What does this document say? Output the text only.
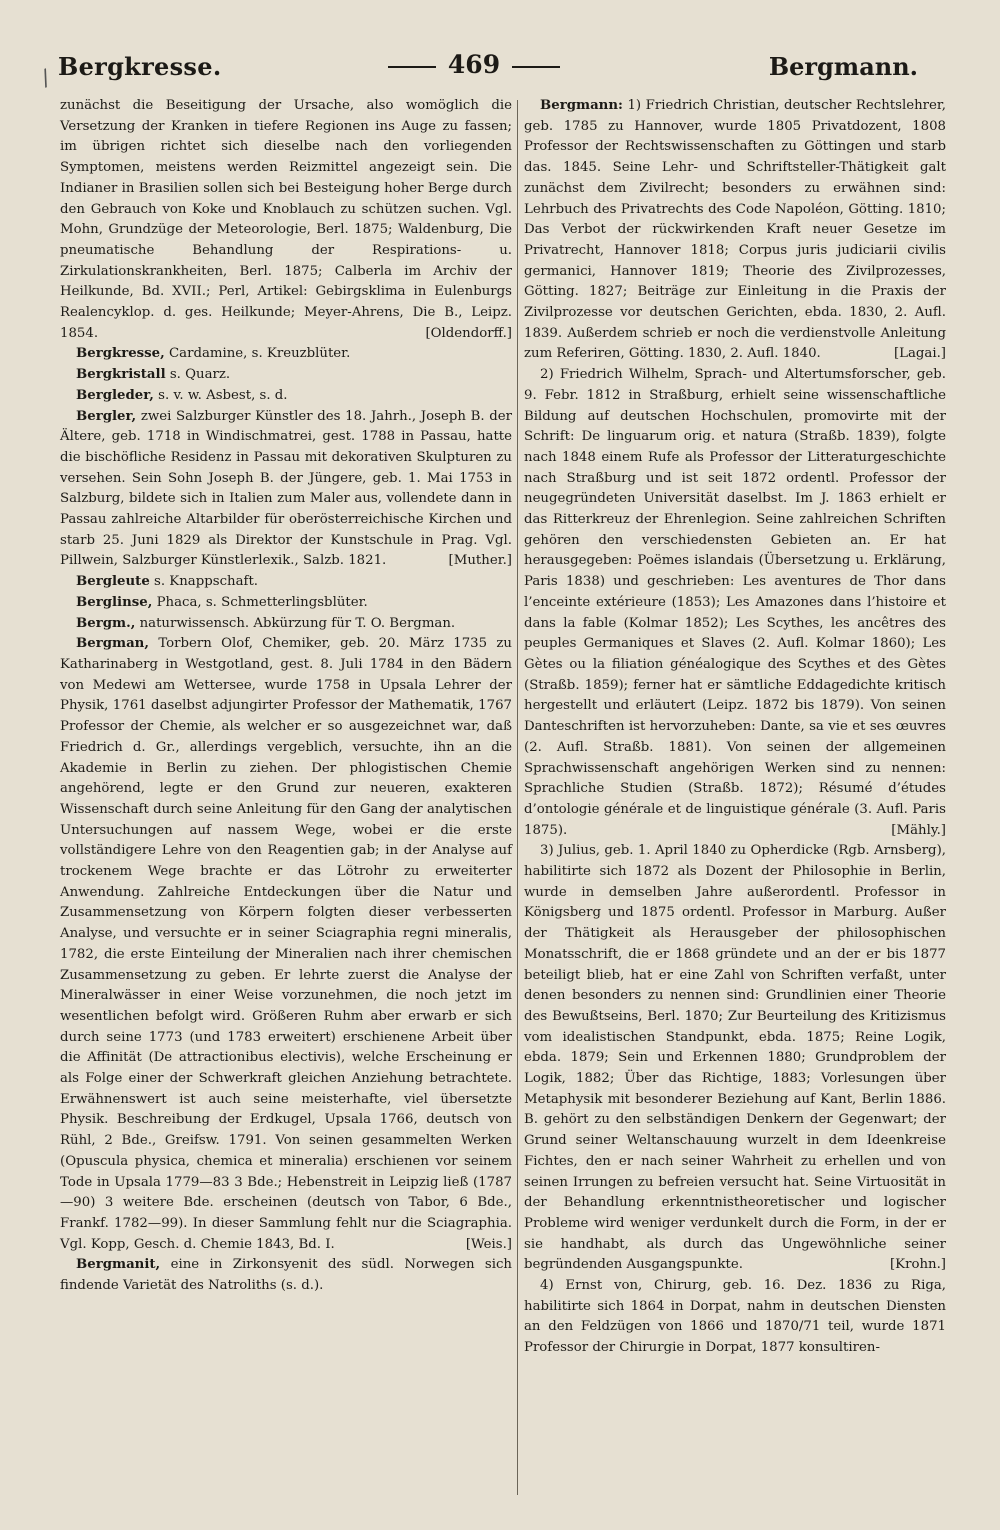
/ Bergkresse.	469	Bergmann.

zunächst die Beseitigung der Ursache, also womöglich die Versetzung der Kranken in tiefere Regionen ins Auge zu fassen; im übrigen richtet sich dieselbe nach den vorliegenden Symptomen, meistens werden Reizmittel angezeigt sein. Die Indianer in Brasilien sollen sich bei Besteigung hoher Berge durch den Gebrauch von Koke und Knoblauch zu schützen suchen. Vgl. Mohn, Grundzüge der Meteorologie, Berl. 1875; Waldenburg, Die pneumatische Behandlung der Respirations- u. Zirkulationskrankheiten, Berl. 1875; Calberla im Archiv der Heilkunde, Bd. XVII.; Perl, Artikel: Gebirgsklima in Eulenburgs Realencyklop. d. ges. Heilkunde; Meyer-Ahrens, Die B., Leipz. 1854.	[Oldendorff.]

Bergkresse, Cardamine, s. Kreuzblüter.

Bergkristall s. Quarz.

Bergleder, s. v. w. Asbest, s. d.

Bergler, zwei Salzburger Künstler des 18. Jahrh., Joseph B. der Ältere, geb. 1718 in Windischmatrei, gest. 1788 in Passau, hatte die bischöfliche Residenz in Passau mit dekorativen Skulpturen zu versehen. Sein Sohn Joseph B. der Jüngere, geb. 1. Mai 1753 in Salzburg, bildete sich in Italien zum Maler aus, vollendete dann in Passau zahlreiche Altarbilder für oberösterreichische Kirchen und starb 25. Juni 1829 als Direktor der Kunstschule in Prag. Vgl. Pillwein, Salzburger Künstlerlexik., Salzb. 1821.	[Muther.]

Bergleute s. Knappschaft.

Berglinse, Phaca, s. Schmetterlingsblüter.

Bergm., naturwissensch. Abkürzung für T. O. Bergman.

Bergman, Torbern Olof, Chemiker, geb. 20. März 1735 zu Katharinaberg in Westgotland, gest. 8. Juli 1784 in den Bädern von Medewi am Wettersee, wurde 1758 in Upsala Lehrer der Physik, 1761 daselbst adjungirter Professor der Mathematik, 1767 Professor der Chemie, als welcher er so ausgezeichnet war, daß Friedrich d. Gr., allerdings vergeblich, versuchte, ihn an die Akademie in Berlin zu ziehen. Der phlogistischen Chemie angehörend, legte er den Grund zur neueren, exakteren Wissenschaft durch seine Anleitung für den Gang der analytischen Untersuchungen auf nassem Wege, wobei er die erste vollständigere Lehre von den Reagentien gab; in der Analyse auf trockenem Wege brachte er das Lötrohr zu erweiterter Anwendung. Zahlreiche Entdeckungen über die Natur und Zusammensetzung von Körpern folgten dieser verbesserten Analyse, und versuchte er in seiner Sciagraphia regni mineralis, 1782, die erste Einteilung der Mineralien nach ihrer chemischen Zusammensetzung zu geben. Er lehrte zuerst die Analyse der Mineralwässer in einer Weise vorzunehmen, die noch jetzt im wesentlichen befolgt wird. Größeren Ruhm aber erwarb er sich durch seine 1773 (und 1783 erweitert) erschienene Arbeit über die Affinität (De attractionibus electivis), welche Erscheinung er als Folge einer der Schwerkraft gleichen Anziehung betrachtete. Erwähnenswert ist auch seine meisterhafte, viel übersetzte Physik. Beschreibung der Erdkugel, Upsala 1766, deutsch von Rühl, 2 Bde., Greifsw. 1791. Von seinen gesammelten Werken (Opuscula physica, chemica et mineralia) erschienen vor seinem Tode in Upsala 1779—83 3 Bde.; Hebenstreit in Leipzig ließ (1787—90) 3 weitere Bde. erscheinen (deutsch von Tabor, 6 Bde., Frankf. 1782—99). In dieser Sammlung fehlt nur die Sciagraphia. Vgl. Kopp, Gesch. d. Chemie 1843, Bd. I.	[Weis.]

Bergmanit, eine in Zirkonsyenit des südl. Norwegen sich findende Varietät des Natroliths (s. d.).

Bergmann: 1) Friedrich Christian, deutscher Rechtslehrer, geb. 1785 zu Hannover, wurde 1805 Privatdozent, 1808 Professor der Rechtswissenschaften zu Göttingen und starb das. 1845. Seine Lehr- und Schriftsteller-Thätigkeit galt zunächst dem Zivilrecht; besonders zu erwähnen sind: Lehrbuch des Privatrechts des Code Napoléon, Götting. 1810; Das Verbot der rückwirkenden Kraft neuer Gesetze im Privatrecht, Hannover 1818; Corpus juris judiciarii civilis germanici, Hannover 1819; Theorie des Zivilprozesses, Götting. 1827; Beiträge zur Einleitung in die Praxis der Zivilprozesse vor deutschen Gerichten, ebda. 1830, 2. Aufl. 1839. Außerdem schrieb er noch die verdienstvolle Anleitung zum Referiren, Götting. 1830, 2. Aufl. 1840.	[Lagai.]

2) Friedrich Wilhelm, Sprach- und Altertumsforscher, geb. 9. Febr. 1812 in Straßburg, erhielt seine wissenschaftliche Bildung auf deutschen Hochschulen, promovirte mit der Schrift: De linguarum orig. et natura (Straßb. 1839), folgte nach 1848 einem Rufe als Professor der Litteraturgeschichte nach Straßburg und ist seit 1872 ordentl. Professor der neugegründeten Universität daselbst. Im J. 1863 erhielt er das Ritterkreuz der Ehrenlegion. Seine zahlreichen Schriften gehören den verschiedensten Gebieten an. Er hat herausgegeben: Poëmes islandais (Übersetzung u. Erklärung, Paris 1838) und geschrieben: Les aventures de Thor dans l’enceinte extérieure (1853); Les Amazones dans l’histoire et dans la fable (Kolmar 1852); Les Scythes, les ancêtres des peuples Germaniques et Slaves (2. Aufl. Kolmar 1860); Les Gètes ou la filiation généalogique des Scythes et des Gètes (Straßb. 1859); ferner hat er sämtliche Eddagedichte kritisch hergestellt und erläutert (Leipz. 1872 bis 1879). Von seinen Danteschriften ist hervorzuheben: Dante, sa vie et ses œuvres (2. Aufl. Straßb. 1881). Von seinen der allgemeinen Sprachwissenschaft angehörigen Werken sind zu nennen: Sprachliche Studien (Straßb. 1872); Résumé d’études d’ontologie générale et de linguistique générale (3. Aufl. Paris 1875).	[Mähly.]

3) Julius, geb. 1. April 1840 zu Opherdicke (Rgb. Arnsberg), habilitirte sich 1872 als Dozent der Philosophie in Berlin, wurde in demselben Jahre außerordentl. Professor in Königsberg und 1875 ordentl. Professor in Marburg. Außer der Thätigkeit als Herausgeber der philosophischen Monatsschrift, die er 1868 gründete und an der er bis 1877 beteiligt blieb, hat er eine Zahl von Schriften verfaßt, unter denen besonders zu nennen sind: Grundlinien einer Theorie des Bewußtseins, Berl. 1870; Zur Beurteilung des Kritizismus vom idealistischen Standpunkt, ebda. 1875; Reine Logik, ebda. 1879; Sein und Erkennen 1880; Grundproblem der Logik, 1882; Über das Richtige, 1883; Vorlesungen über Metaphysik mit besonderer Beziehung auf Kant, Berlin 1886. B. gehört zu den selbständigen Denkern der Gegenwart; der Grund seiner Weltanschauung wurzelt in dem Ideenkreise Fichtes, den er nach seiner Wahrheit zu erhellen und von seinen Irrungen zu befreien versucht hat. Seine Virtuosität in der Behandlung erkenntnistheoretischer und logischer Probleme wird weniger verdunkelt durch die Form, in der er sie handhabt, als durch das Ungewöhnliche seiner begründenden Ausgangspunkte.	[Krohn.]

4) Ernst von, Chirurg, geb. 16. Dez. 1836 zu Riga, habilitirte sich 1864 in Dorpat, nahm in deutschen Diensten an den Feldzügen von 1866 und 1870/71 teil, wurde 1871 Professor der Chirurgie in Dorpat, 1877 konsultiren-
